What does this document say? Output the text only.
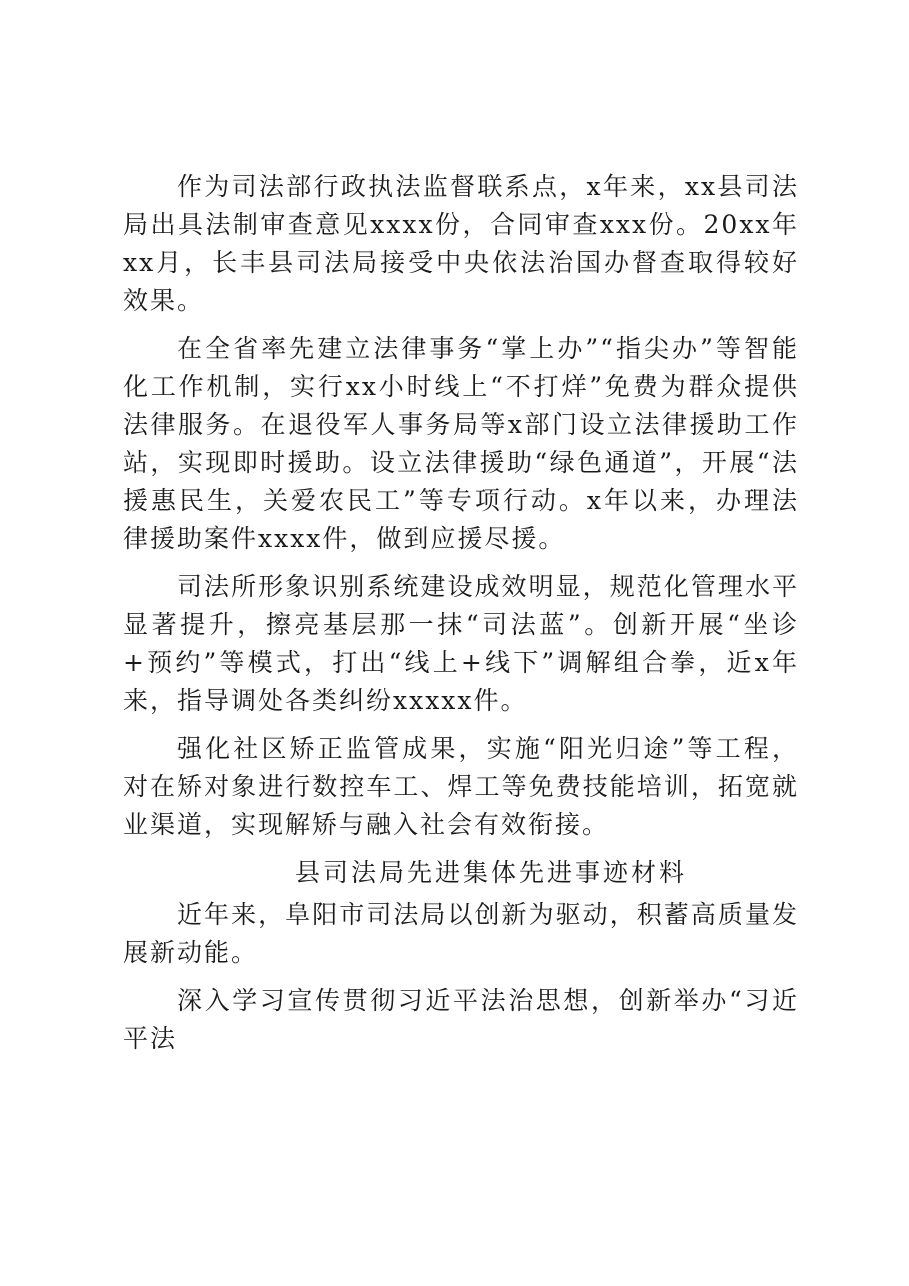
作为司法部行政执法监督联系点，x年来，xx县司法局出具法制审查意见xxxx份，合同审查xxx份。20xx年xx月，长丰县司法局接受中央依法治国办督查取得较好效果。

在全省率先建立法律事务“掌上办”“指尖办”等智能化工作机制，实行xx小时线上“不打烊”免费为群众提供法律服务。在退役军人事务局等x部门设立法律援助工作站，实现即时援助。设立法律援助“绿色通道”，开展“法援惠民生，关爱农民工”等专项行动。x年以来，办理法律援助案件xxxx件，做到应援尽援。

司法所形象识别系统建设成效明显，规范化管理水平显著提升，擦亮基层那一抹“司法蓝”。创新开展“坐诊+预约”等模式，打出“线上+线下”调解组合拳，近x年来，指导调处各类纠纷xxxxx件。

强化社区矫正监管成果，实施“阳光归途”等工程，对在矫对象进行数控车工、焊工等免费技能培训，拓宽就业渠道，实现解矫与融入社会有效衔接。

县司法局先进集体先进事迹材料

近年来，阜阳市司法局以创新为驱动，积蓄高质量发展新动能。

深入学习宣传贯彻习近平法治思想，创新举办“习近平法
